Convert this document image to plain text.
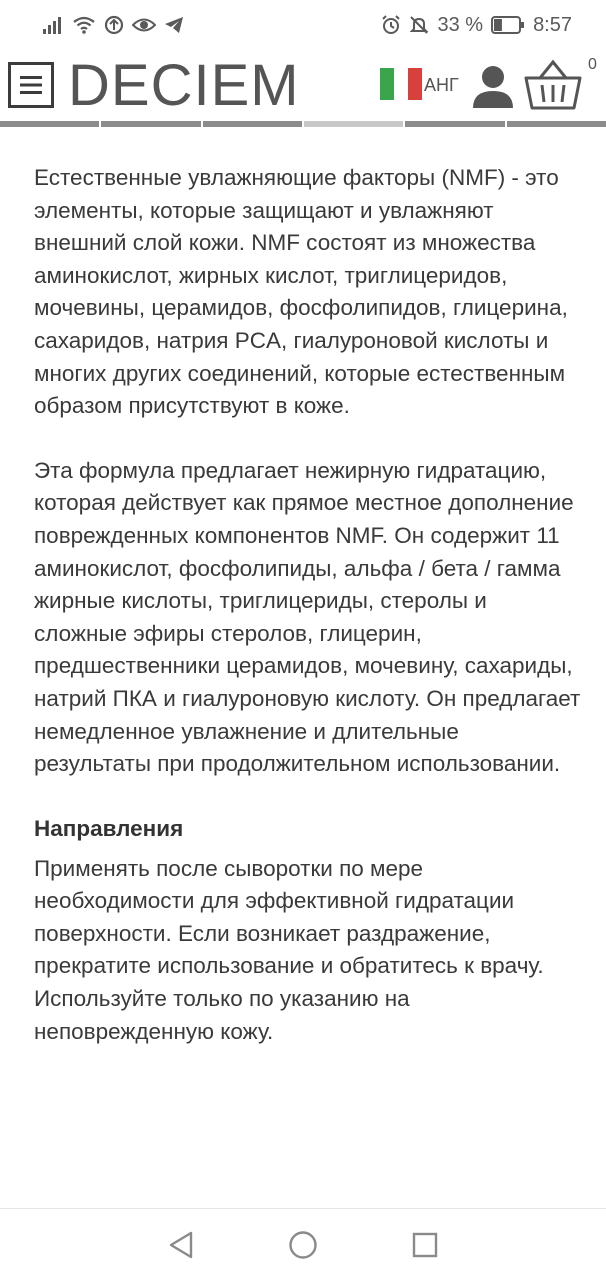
33 %	8:57
DECIEM	АНГ
0

Естественные увлажняющие факторы (NMF) - это элементы, которые защищают и увлажняют внешний слой кожи. NMF состоят из множества аминокислот, жирных кислот, триглицеридов, мочевины, церамидов, фосфолипидов, глицерина, сахаридов, натрия PCA, гиалуроновой кислоты и многих других соединений, которые естественным образом присутствуют в коже.

Эта формула предлагает нежирную гидратацию, которая действует как прямое местное дополнение поврежденных компонентов NMF. Он содержит 11 аминокислот, фосфолипиды, альфа / бета / гамма жирные кислоты, триглицериды, стеролы и сложные эфиры стеролов, глицерин, предшественники церамидов, мочевину, сахариды, натрий ПКА и гиалуроновую кислоту. Он предлагает немедленное увлажнение и длительные результаты при продолжительном использовании.

Направления

Применять после сыворотки по мере необходимости для эффективной гидратации поверхности. Если возникает раздражение, прекратите использование и обратитесь к врачу. Используйте только по указанию на неповрежденную кожу.
